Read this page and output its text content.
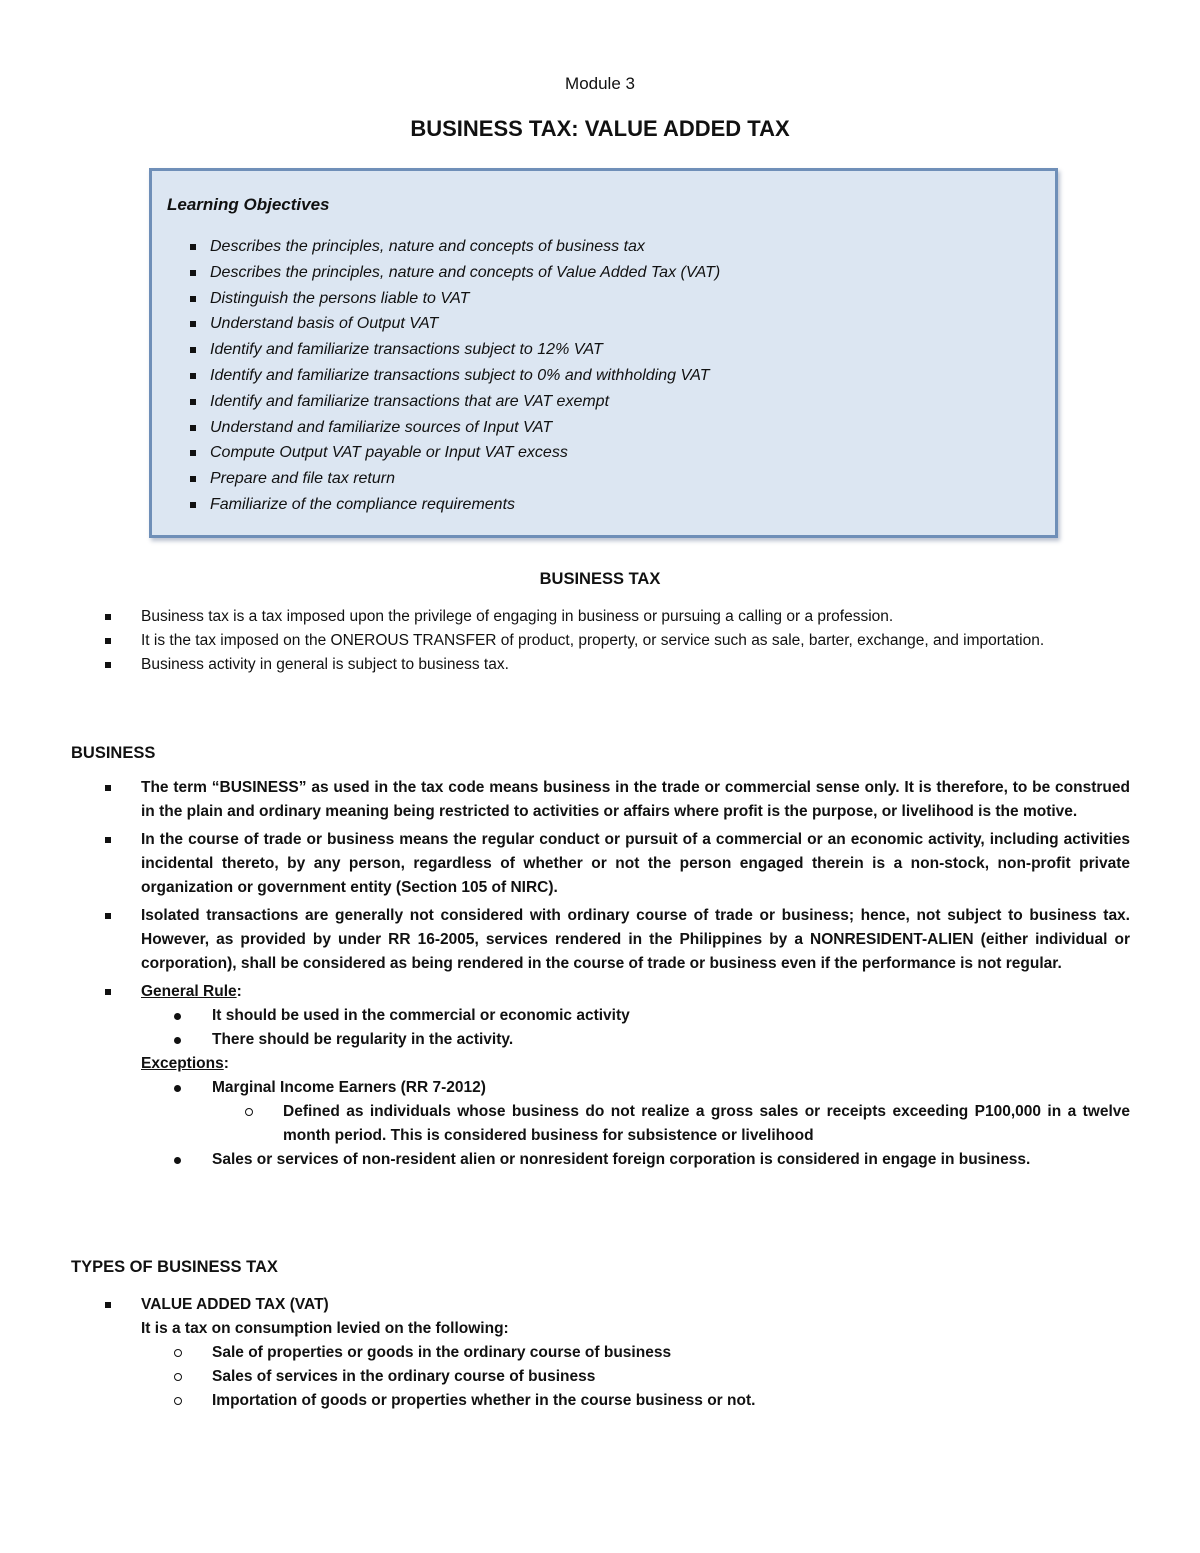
Module 3
BUSINESS TAX: VALUE ADDED TAX
Learning Objectives
Describes the principles, nature and concepts of business tax
Describes the principles, nature and concepts of Value Added Tax (VAT)
Distinguish the persons liable to VAT
Understand basis of Output VAT
Identify and familiarize transactions subject to 12% VAT
Identify and familiarize transactions subject to 0% and withholding VAT
Identify and familiarize transactions that are VAT exempt
Understand and familiarize sources of Input VAT
Compute Output VAT payable or Input VAT excess
Prepare and file tax return
Familiarize of the compliance requirements
BUSINESS TAX
Business tax is a tax imposed upon the privilege of engaging in business or pursuing a calling or a profession.
It is the tax imposed on the ONEROUS TRANSFER of product, property, or service such as sale, barter, exchange, and importation.
Business activity in general is subject to business tax.
BUSINESS
The term “BUSINESS” as used in the tax code means business in the trade or commercial sense only. It is therefore, to be construed in the plain and ordinary meaning being restricted to activities or affairs where profit is the purpose, or livelihood is the motive.
In the course of trade or business means the regular conduct or pursuit of a commercial or an economic activity, including activities incidental thereto, by any person, regardless of whether or not the person engaged therein is a non-stock, non-profit private organization or government entity (Section 105 of NIRC).
Isolated transactions are generally not considered with ordinary course of trade or business; hence, not subject to business tax. However, as provided by under RR 16-2005, services rendered in the Philippines by a NONRESIDENT-ALIEN (either individual or corporation), shall be considered as being rendered in the course of trade or business even if the performance is not regular.
General Rule:
It should be used in the commercial or economic activity
There should be regularity in the activity.
Exceptions:
Marginal Income Earners (RR 7-2012)
Defined as individuals whose business do not realize a gross sales or receipts exceeding P100,000 in a twelve month period. This is considered business for subsistence or livelihood
Sales or services of non-resident alien or nonresident foreign corporation is considered in engage in business.
TYPES OF BUSINESS TAX
VALUE ADDED TAX (VAT)
It is a tax on consumption levied on the following:
Sale of properties or goods in the ordinary course of business
Sales of services in the ordinary course of business
Importation of goods or properties whether in the course business or not.
